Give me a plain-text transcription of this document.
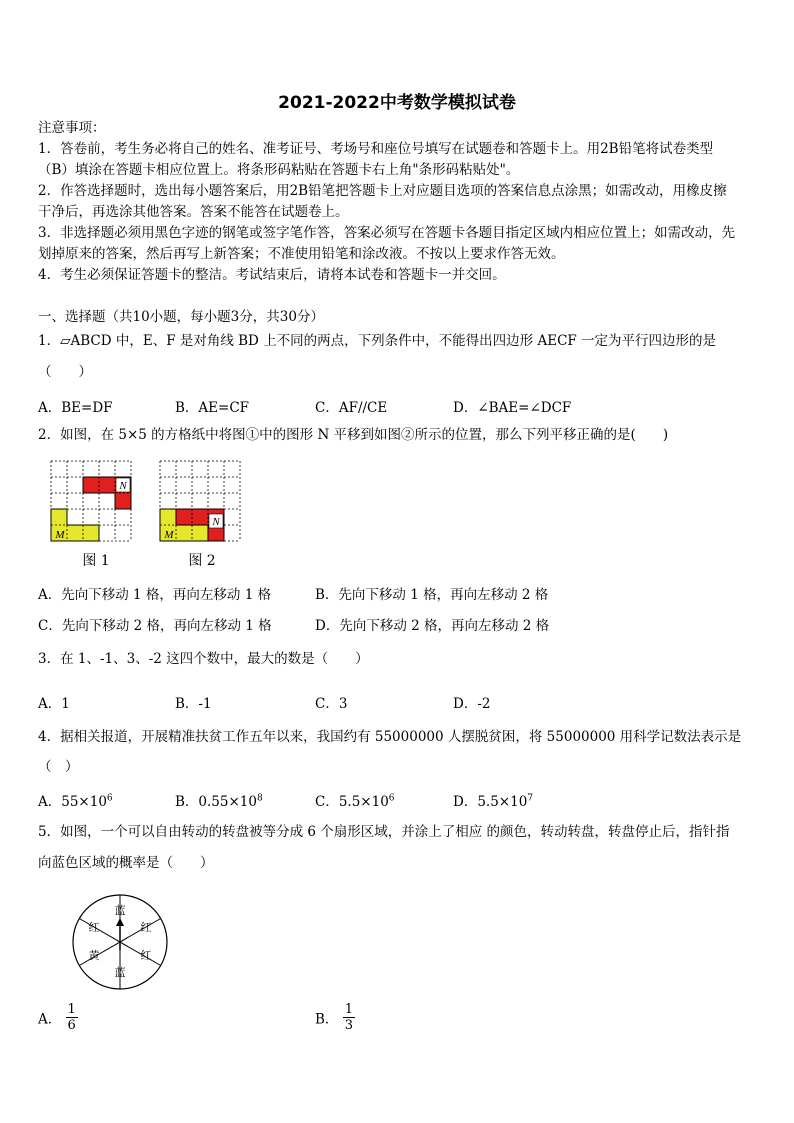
2021-2022中考数学模拟试卷
注意事项：
1．答卷前，考生务必将自己的姓名、准考证号、考场号和座位号填写在试题卷和答题卡上。用2B铅笔将试卷类型
（B）填涂在答题卡相应位置上。将条形码粘贴在答题卡右上角"条形码粘贴处"。
2．作答选择题时，选出每小题答案后，用2B铅笔把答题卡上对应题目选项的答案信息点涂黑；如需改动，用橡皮擦
干净后，再选涂其他答案。答案不能答在试题卷上。
3．非选择题必须用黑色字迹的钢笔或签字笔作答，答案必须写在答题卡各题目指定区域内相应位置上；如需改动，先
划掉原来的答案，然后再写上新答案；不准使用铅笔和涂改液。不按以上要求作答无效。
4．考生必须保证答题卡的整洁。考试结束后，请将本试卷和答题卡一并交回。
一、选择题（共10小题，每小题3分，共30分）
1．▱ABCD 中，E、F 是对角线 BD 上不同的两点，下列条件中，不能得出四边形 AECF 一定为平行四边形的是
（　　）
A．BE=DF	B．AE=CF	C．AF//CE	D．∠BAE=∠DCF
2．如图，在 5×5 的方格纸中将图①中的图形 N 平移到如图②所示的位置，那么下列平移正确的是(　　)
N
M
图 1
N
M
图 2
A．先向下移动 1 格，再向左移动 1 格	B．先向下移动 1 格，再向左移动 2 格
C．先向下移动 2 格，再向左移动 1 格	D．先向下移动 2 格，再向左移动 2 格
3．在 1、-1、3、-2 这四个数中，最大的数是（　　）
A．1	B．-1	C．3	D．-2
4．据相关报道，开展精准扶贫工作五年以来，我国约有 55000000 人摆脱贫困，将 55000000 用科学记数法表示是
（　）
A．$55\times 10^6$	B．$0.55\times 10^8$	C．$5.5\times 10^6$	D．$5.5\times 10^7$
5．如图，一个可以自由转动的转盘被等分成 6 个扇形区域，并涂上了相应 的颜色，转动转盘，转盘停止后，指针指
向蓝色区域的概率是（　　）
蓝
红
红
蓝
黄
红
A． $\frac{1}{6}$	B． $\frac{1}{3}$
